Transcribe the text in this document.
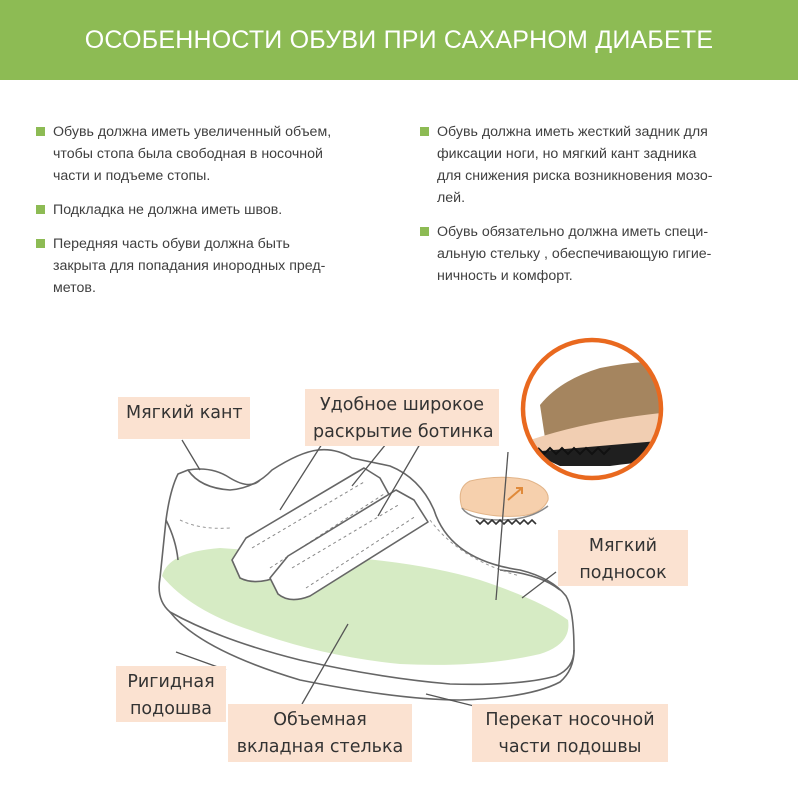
ОСОБЕННОСТИ ОБУВИ ПРИ САХАРНОМ ДИАБЕТЕ
Обувь должна иметь увеличенный объем,
чтобы стопа была свободная в носочной
части и подъеме стопы.
Подкладка не должна иметь швов.
Передняя часть обуви должна быть
закрыта для попадания инородных пред-
метов.
Обувь должна иметь жесткий задник для
фиксации ноги, но мягкий кант задника
для снижения риска возникновения мозо-
лей.
Обувь обязательно должна иметь специ-
альную стельку , обеспечивающую гигие-
ничность и комфорт.
Мягкий кант	Удобное широкое
раскрытие ботинка
Мягкий
подносок
Ригидная
подошва
Объемная
вкладная стелька
Перекат носочной
части подошвы
